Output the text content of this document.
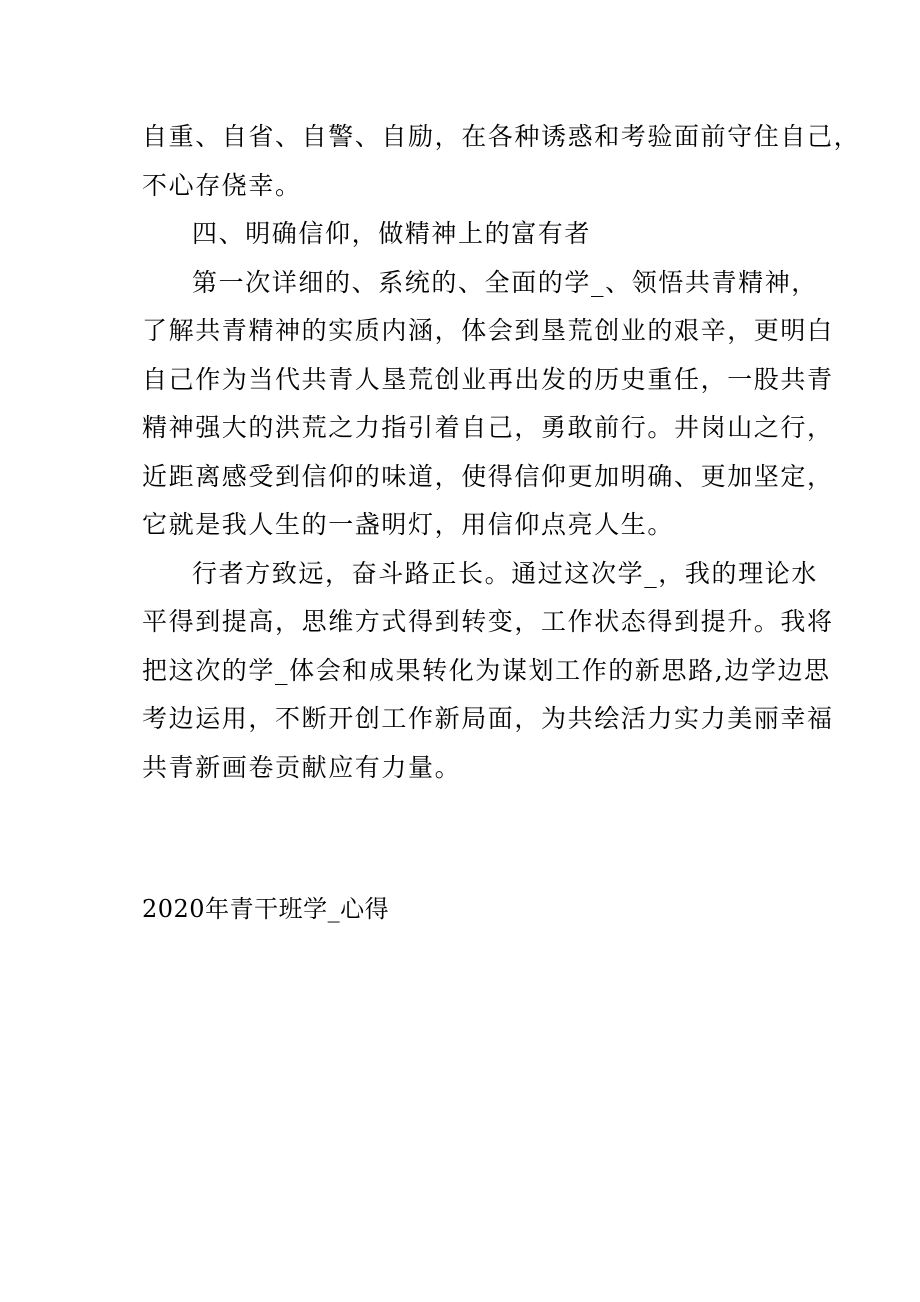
自重、自省、自警、自励，在各种诱惑和考验面前守住自己，
不心存侥幸。
四、明确信仰，做精神上的富有者
第一次详细的、系统的、全面的学_、领悟共青精神，
了解共青精神的实质内涵，体会到垦荒创业的艰辛，更明白
自己作为当代共青人垦荒创业再出发的历史重任，一股共青
精神强大的洪荒之力指引着自己，勇敢前行。井岗山之行，
近距离感受到信仰的味道，使得信仰更加明确、更加坚定，
它就是我人生的一盏明灯，用信仰点亮人生。
行者方致远，奋斗路正长。通过这次学_，我的理论水
平得到提高，思维方式得到转变，工作状态得到提升。我将
把这次的学_体会和成果转化为谋划工作的新思路,边学边思
考边运用，不断开创工作新局面，为共绘活力实力美丽幸福
共青新画卷贡献应有力量。
2020年青干班学_心得
